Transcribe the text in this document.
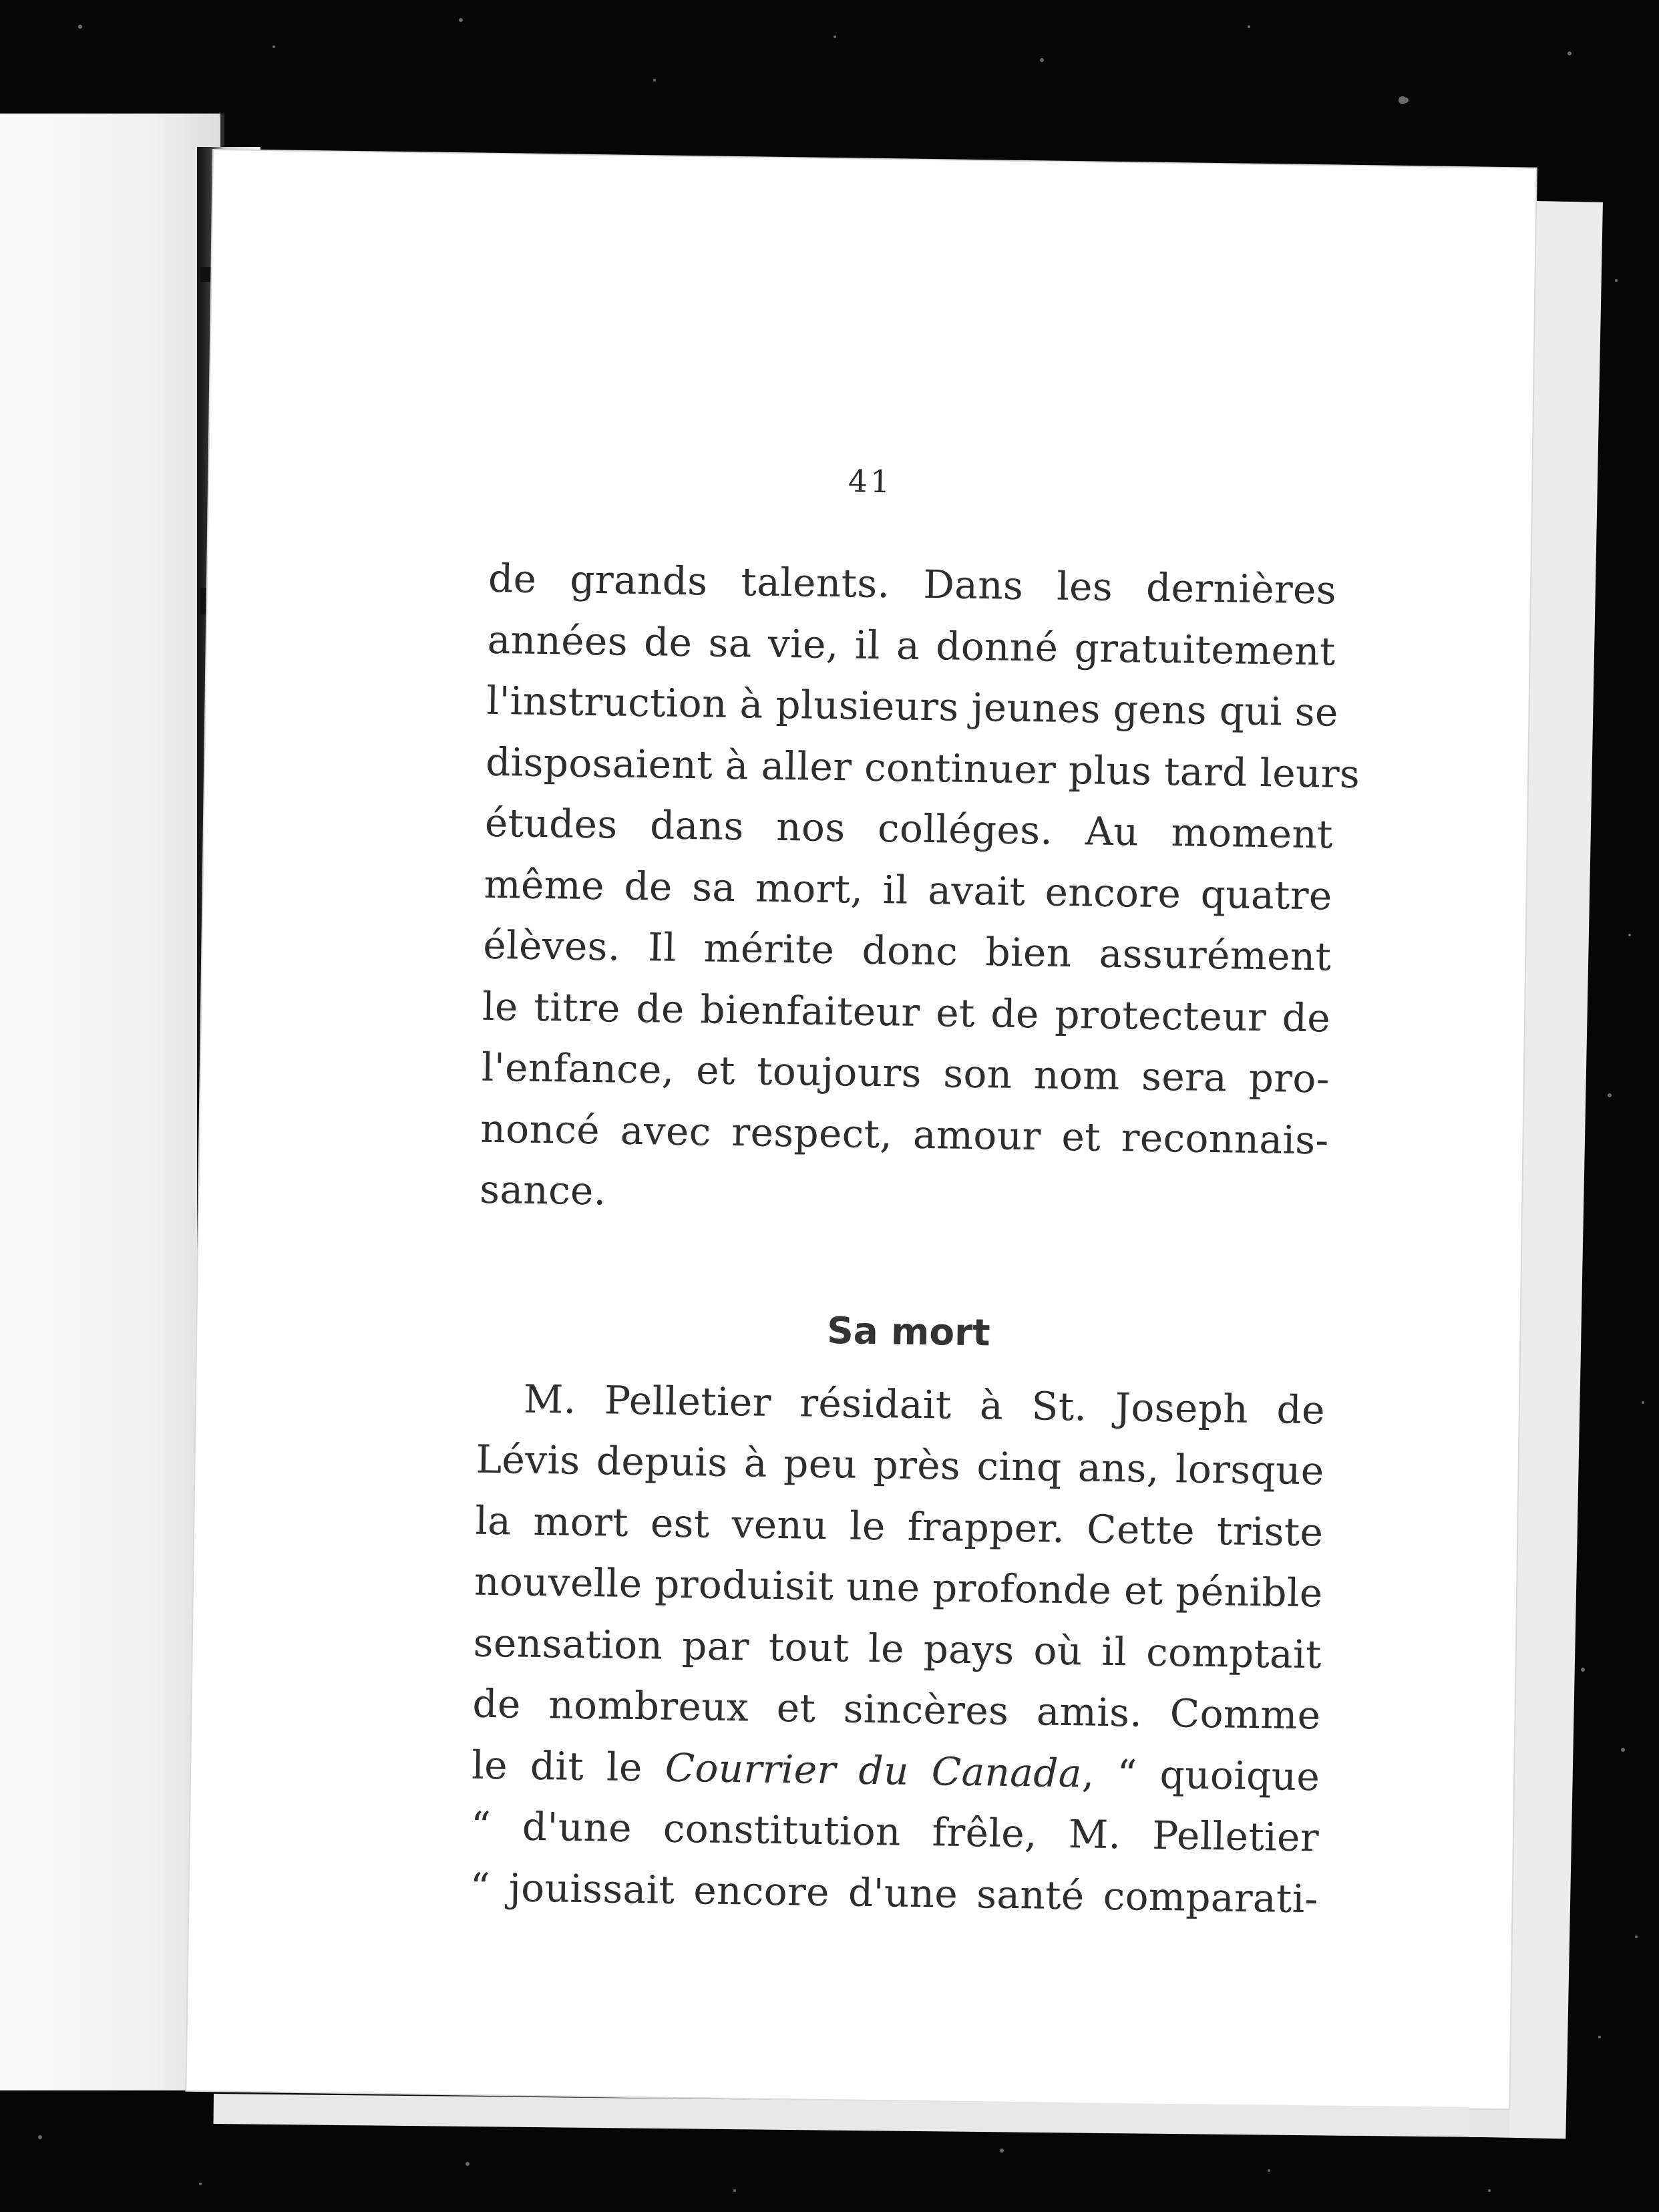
41
de grands talents. Dans les dernières
années de sa vie, il a donné gratuitement
l'instruction à plusieurs jeunes gens qui se
disposaient à aller continuer plus tard leurs
études dans nos colléges. Au moment
même de sa mort, il avait encore quatre
élèves. Il mérite donc bien assurément
le titre de bienfaiteur et de protecteur de
l'enfance, et toujours son nom sera pro-
noncé avec respect, amour et reconnais-
sance.
Sa mort
M. Pelletier résidait à St. Joseph de
Lévis depuis à peu près cinq ans, lorsque
la mort est venu le frapper. Cette triste
nouvelle produisit une profonde et pénible
sensation par tout le pays où il comptait
de nombreux et sincères amis. Comme
le dit le Courrier du Canada, “ quoique
“ d'une constitution frêle, M. Pelletier
“ jouissait encore d'une santé comparati-
